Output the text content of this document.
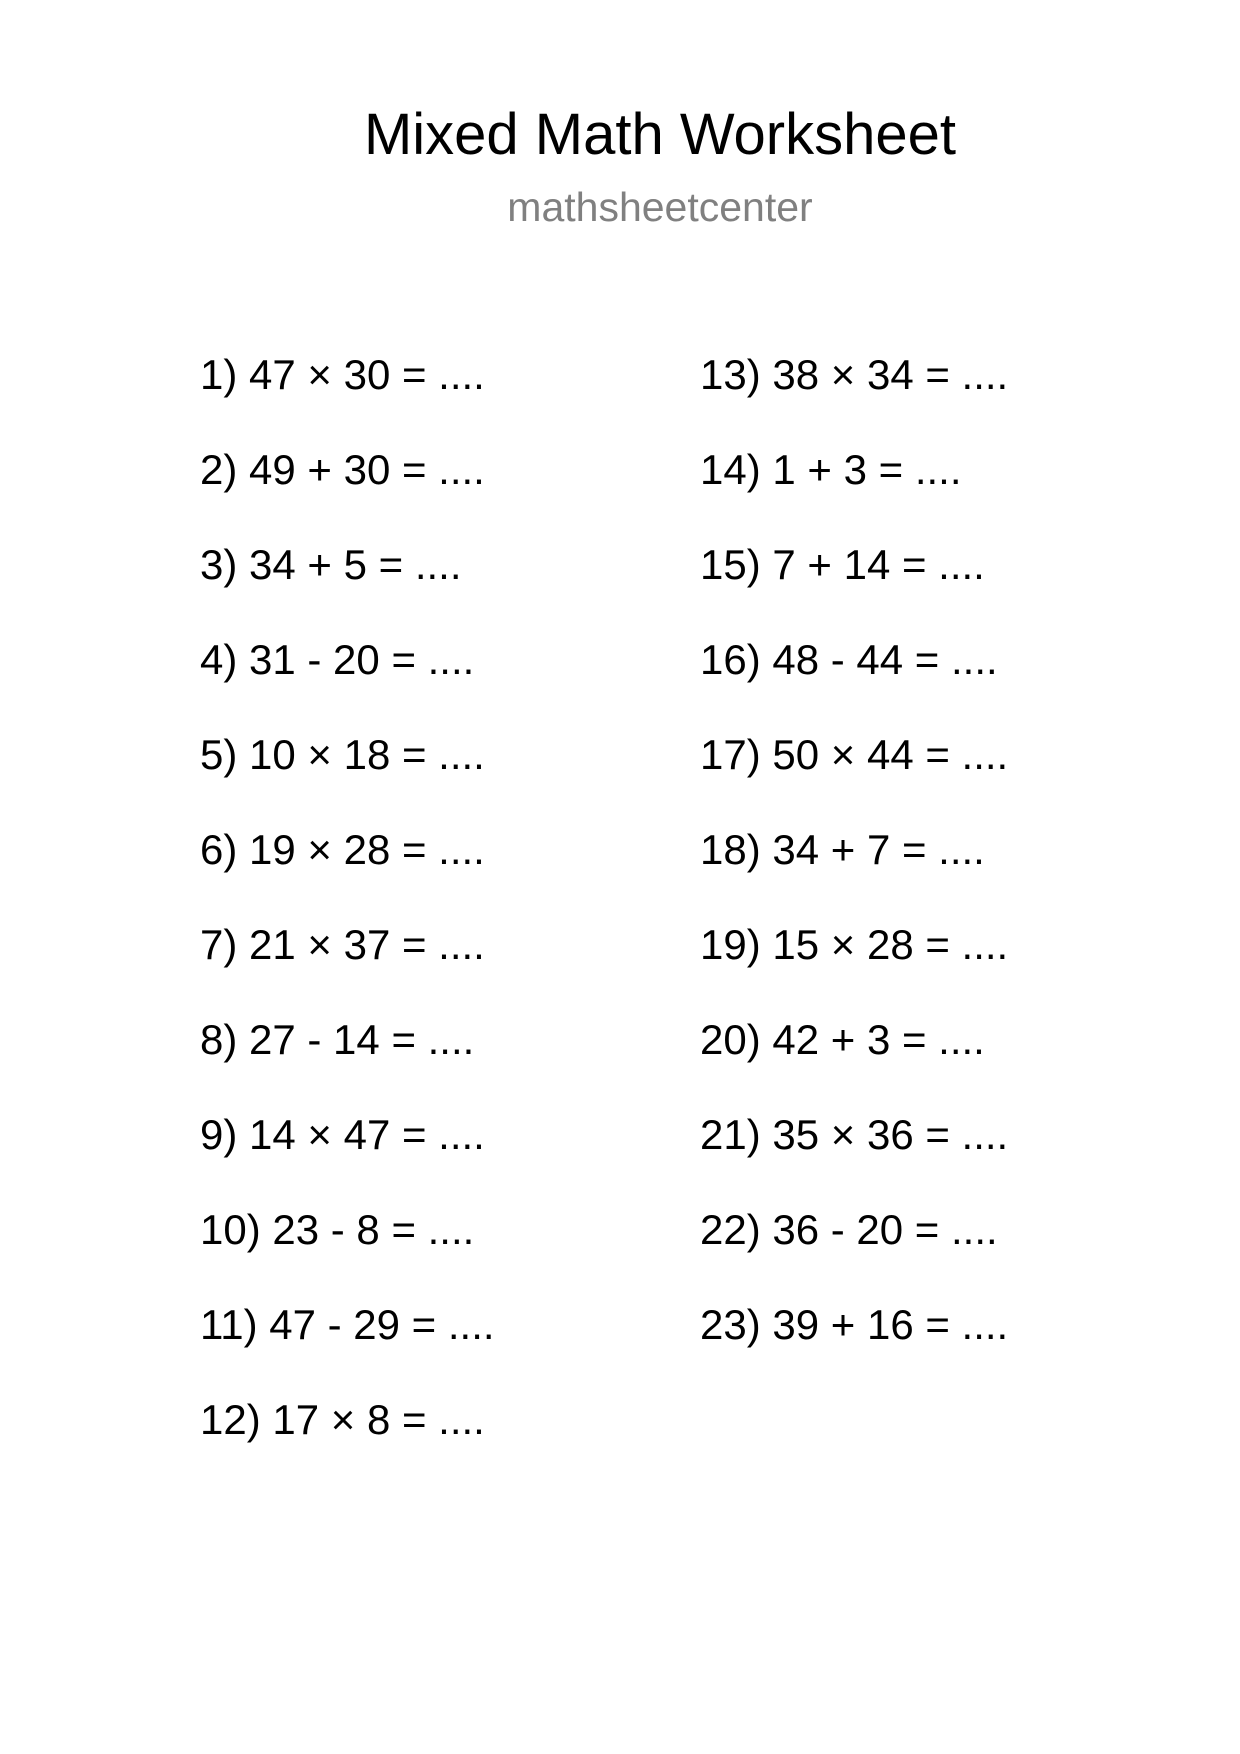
Mixed Math Worksheet
mathsheetcenter
1) 47 × 30 = ....
2) 49 + 30 = ....
3) 34 + 5 = ....
4) 31 - 20 = ....
5) 10 × 18 = ....
6) 19 × 28 = ....
7) 21 × 37 = ....
8) 27 - 14 = ....
9) 14 × 47 = ....
10) 23 - 8 = ....
11) 47 - 29 = ....
12) 17 × 8 = ....
13) 38 × 34 = ....
14) 1 + 3 = ....
15) 7 + 14 = ....
16) 48 - 44 = ....
17) 50 × 44 = ....
18) 34 + 7 = ....
19) 15 × 28 = ....
20) 42 + 3 = ....
21) 35 × 36 = ....
22) 36 - 20 = ....
23) 39 + 16 = ....
